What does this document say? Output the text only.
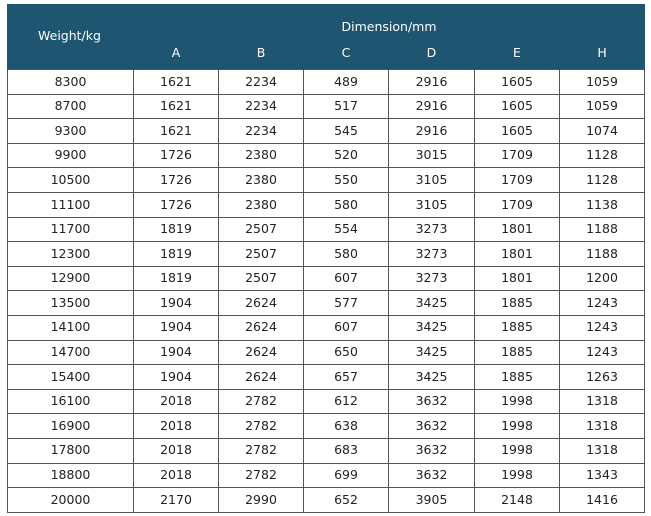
Weight/kg	Dimension/mm					
	A	B	C	D	E	H
8300	1621	2234	489	2916	1605	1059
8700	1621	2234	517	2916	1605	1059
9300	1621	2234	545	2916	1605	1074
9900	1726	2380	520	3015	1709	1128
10500	1726	2380	550	3105	1709	1128
11100	1726	2380	580	3105	1709	1138
11700	1819	2507	554	3273	1801	1188
12300	1819	2507	580	3273	1801	1188
12900	1819	2507	607	3273	1801	1200
13500	1904	2624	577	3425	1885	1243
14100	1904	2624	607	3425	1885	1243
14700	1904	2624	650	3425	1885	1243
15400	1904	2624	657	3425	1885	1263
16100	2018	2782	612	3632	1998	1318
16900	2018	2782	638	3632	1998	1318
17800	2018	2782	683	3632	1998	1318
18800	2018	2782	699	3632	1998	1343
20000	2170	2990	652	3905	2148	1416
